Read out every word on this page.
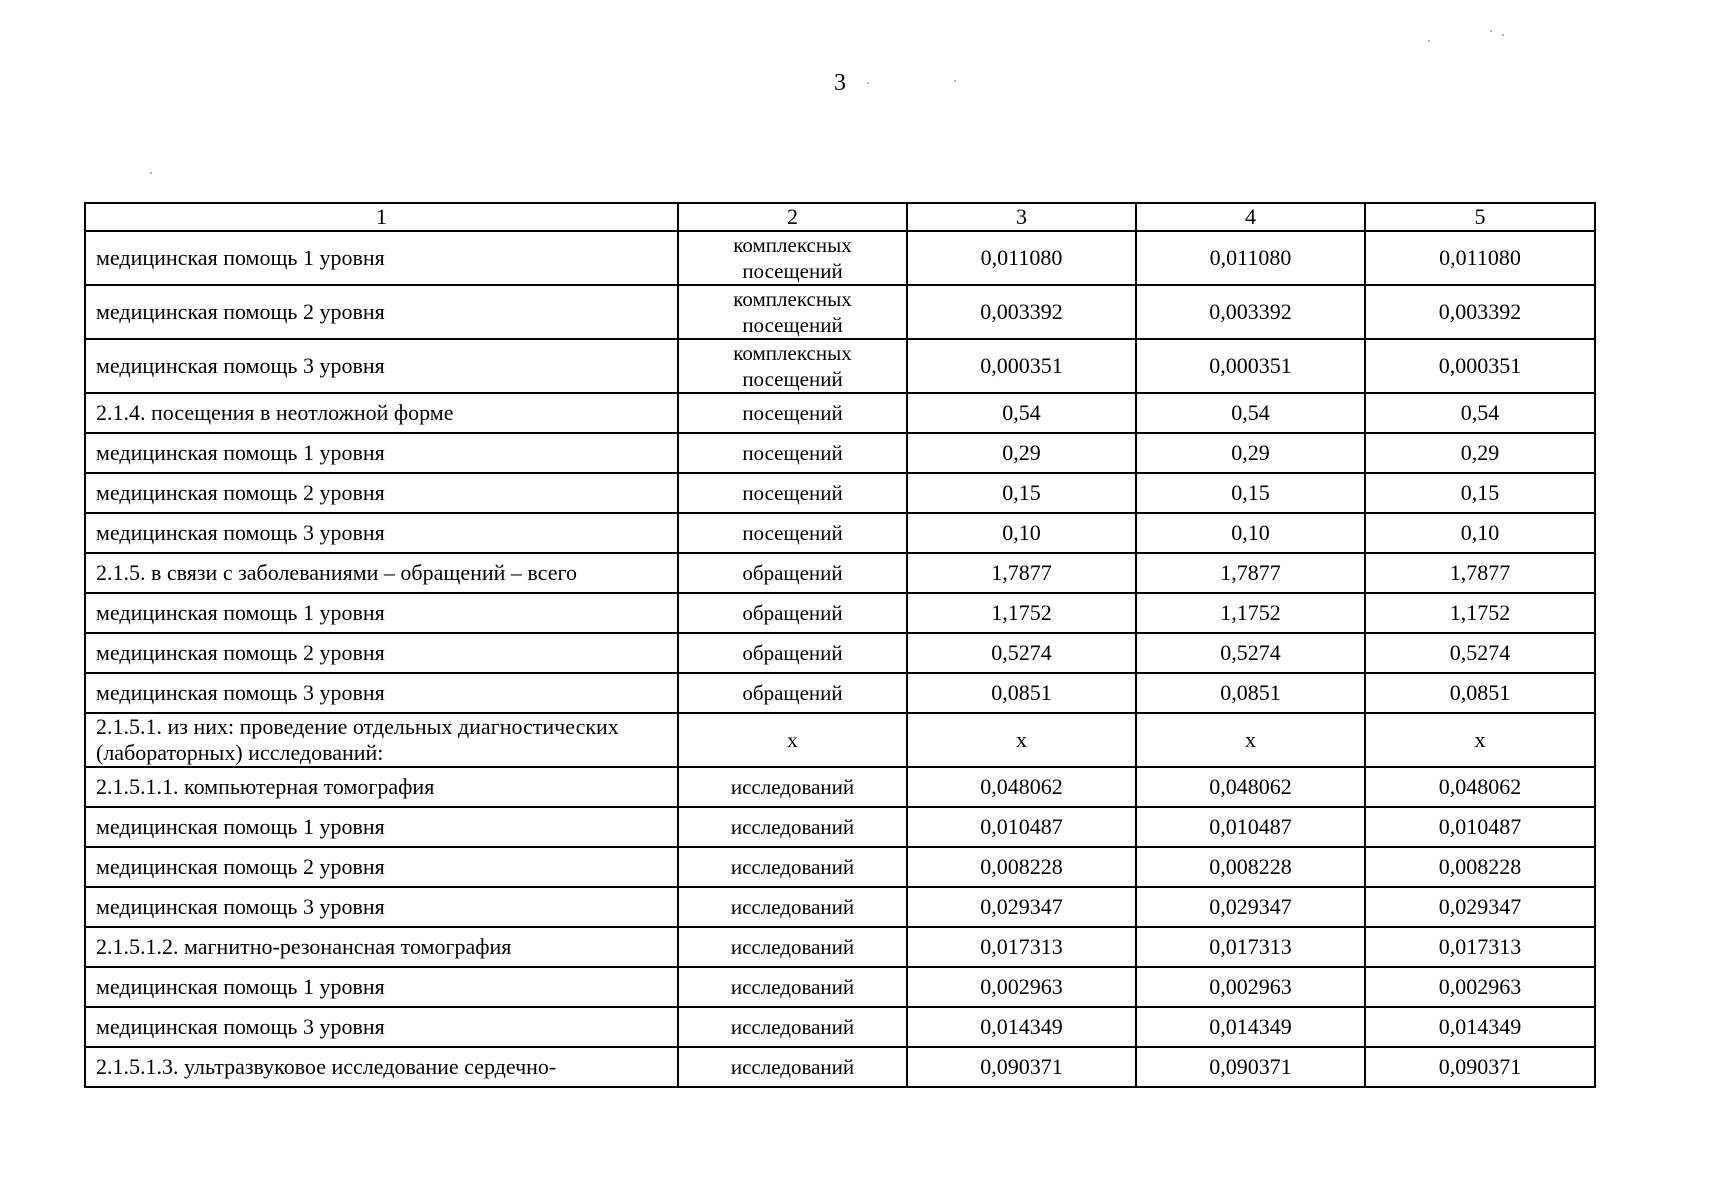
3
1	2	3	4	5
медицинская помощь 1 уровня	комплексных посещений	0,011080	0,011080	0,011080
медицинская помощь 2 уровня	комплексных посещений	0,003392	0,003392	0,003392
медицинская помощь 3 уровня	комплексных посещений	0,000351	0,000351	0,000351
2.1.4. посещения в неотложной форме	посещений	0,54	0,54	0,54
медицинская помощь 1 уровня	посещений	0,29	0,29	0,29
медицинская помощь 2 уровня	посещений	0,15	0,15	0,15
медицинская помощь 3 уровня	посещений	0,10	0,10	0,10
2.1.5. в связи с заболеваниями – обращений – всего	обращений	1,7877	1,7877	1,7877
медицинская помощь 1 уровня	обращений	1,1752	1,1752	1,1752
медицинская помощь 2 уровня	обращений	0,5274	0,5274	0,5274
медицинская помощь 3 уровня	обращений	0,0851	0,0851	0,0851
2.1.5.1. из них: проведение отдельных диагностических (лабораторных) исследований:	х	х	х	х
2.1.5.1.1. компьютерная томография	исследований	0,048062	0,048062	0,048062
медицинская помощь 1 уровня	исследований	0,010487	0,010487	0,010487
медицинская помощь 2 уровня	исследований	0,008228	0,008228	0,008228
медицинская помощь 3 уровня	исследований	0,029347	0,029347	0,029347
2.1.5.1.2. магнитно-резонансная томография	исследований	0,017313	0,017313	0,017313
медицинская помощь 1 уровня	исследований	0,002963	0,002963	0,002963
медицинская помощь 3 уровня	исследований	0,014349	0,014349	0,014349
2.1.5.1.3. ультразвуковое исследование сердечно-	исследований	0,090371	0,090371	0,090371
